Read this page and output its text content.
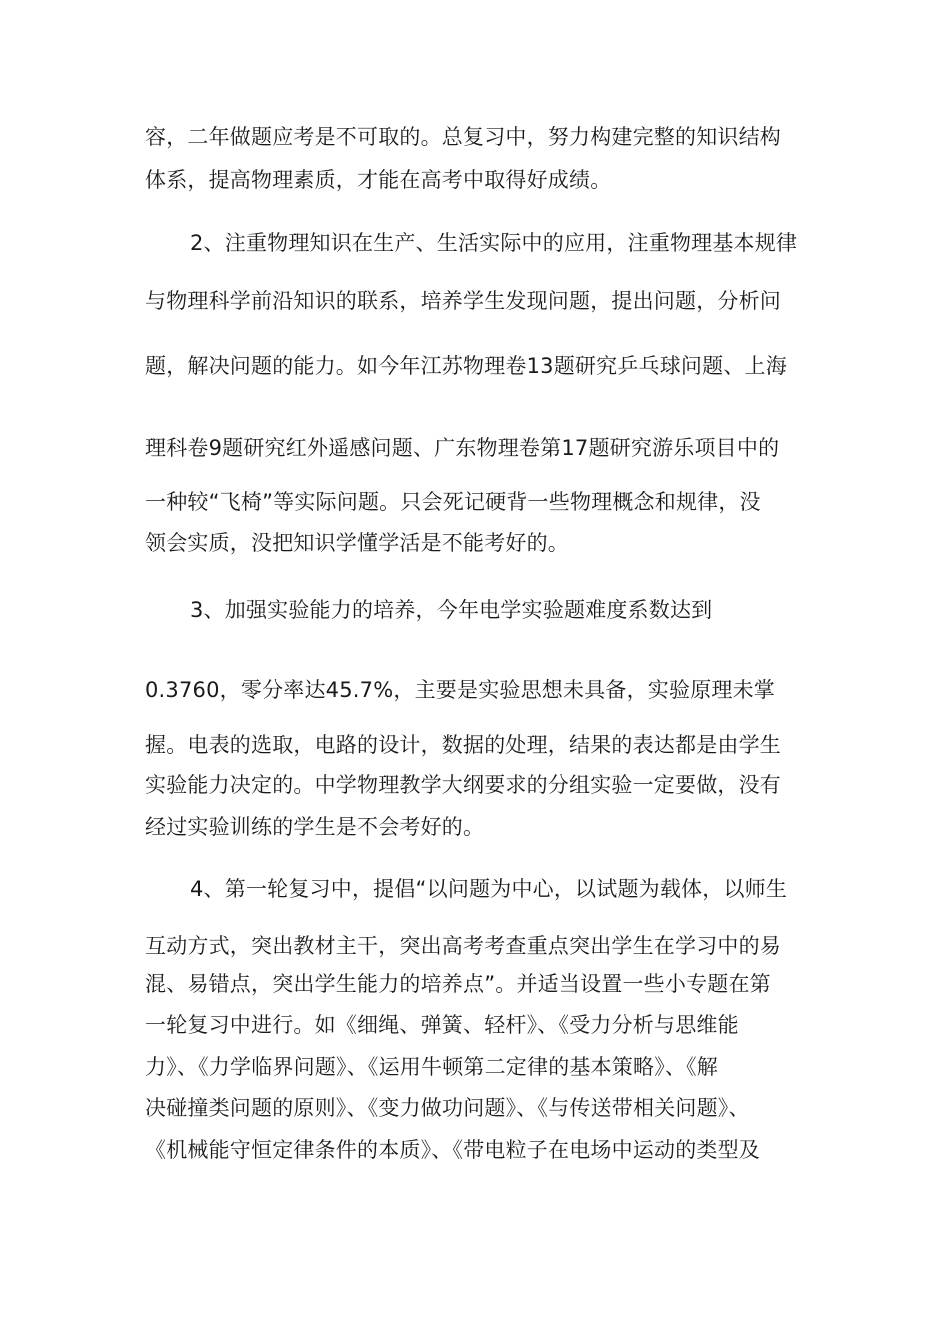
容，二年做题应考是不可取的。总复习中，努力构建完整的知识结构
体系，提高物理素质，才能在高考中取得好成绩。
2、注重物理知识在生产、生活实际中的应用，注重物理基本规律
与物理科学前沿知识的联系，培养学生发现问题，提出问题，分析问
题，解决问题的能力。如今年江苏物理卷13题研究乒乓球问题、上海
理科卷9题研究红外遥感问题、广东物理卷第17题研究游乐项目中的
一种较“飞椅”等实际问题。只会死记硬背一些物理概念和规律，没
领会实质，没把知识学懂学活是不能考好的。
3、加强实验能力的培养，今年电学实验题难度系数达到
0.3760，零分率达45.7%，主要是实验思想未具备，实验原理未掌
握。电表的选取，电路的设计，数据的处理，结果的表达都是由学生
实验能力决定的。中学物理教学大纲要求的分组实验一定要做，没有
经过实验训练的学生是不会考好的。
4、第一轮复习中，提倡“以问题为中心，以试题为载体，以师生
互动方式，突出教材主干，突出高考考查重点突出学生在学习中的易
混、易错点，突出学生能力的培养点”。并适当设置一些小专题在第
一轮复习中进行。如《细绳、弹簧、轻杆》、《受力分析与思维能
力》、《力学临界问题》、《运用牛顿第二定律的基本策略》、《解
决碰撞类问题的原则》、《变力做功问题》、《与传送带相关问题》、
《机械能守恒定律条件的本质》、《带电粒子在电场中运动的类型及
